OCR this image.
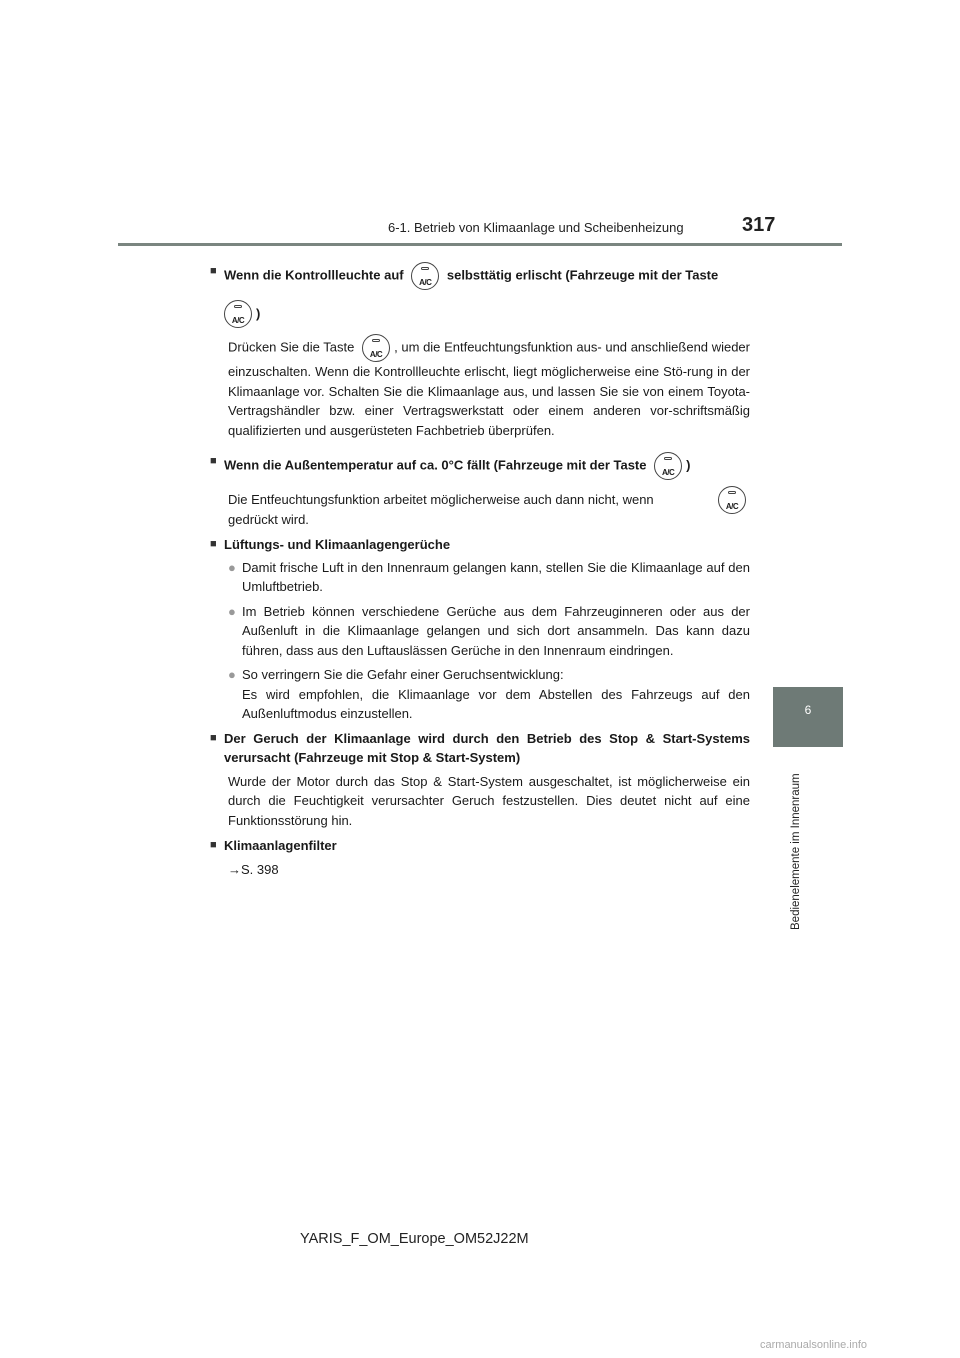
6-1. Betrieb von Klimaanlage und Scheibenheizung	317
6
Bedienelemente im Innenraum
■ Wenn die Kontrollleuchte auf
A/C
selbsttätig erlischt (Fahrzeuge mit der Taste
A/C )
Drücken Sie die Taste
A/C
, um die Entfeuchtungsfunktion aus- und anschließend wieder einzuschalten. Wenn die Kontrollleuchte erlischt, liegt möglicherweise eine Stö-rung in der Klimaanlage vor. Schalten Sie die Klimaanlage aus, und lassen Sie sie von einem Toyota-Vertragshändler bzw. einer Vertragswerkstatt oder einem anderen vor-schriftsmäßig qualifizierten und ausgerüsteten Fachbetrieb überprüfen.
■ Wenn die Außentemperatur auf ca. 0°C fällt (Fahrzeuge mit der Taste
A/C
)
Die Entfeuchtungsfunktion arbeitet möglicherweise auch dann nicht, wenn	A/C

gedrückt wird.
■ Lüftungs- und Klimaanlagengerüche
● Damit frische Luft in den Innenraum gelangen kann, stellen Sie die Klimaanlage auf den Umluftbetrieb.
● Im Betrieb können verschiedene Gerüche aus dem Fahrzeuginneren oder aus der Außenluft in die Klimaanlage gelangen und sich dort ansammeln. Das kann dazu führen, dass aus den Luftauslässen Gerüche in den Innenraum eindringen.
● So verringern Sie die Gefahr einer Geruchsentwicklung:
Es wird empfohlen, die Klimaanlage vor dem Abstellen des Fahrzeugs auf den Außenluftmodus einzustellen.
■ Der Geruch der Klimaanlage wird durch den Betrieb des Stop & Start-Systems verursacht (Fahrzeuge mit Stop & Start-System)
Wurde der Motor durch das Stop & Start-System ausgeschaltet, ist möglicherweise ein durch die Feuchtigkeit verursachter Geruch festzustellen. Dies deutet nicht auf eine Funktionsstörung hin.
■ Klimaanlagenfilter
→S. 398
YARIS_F_OM_Europe_OM52J22M
carmanualsonline.info
